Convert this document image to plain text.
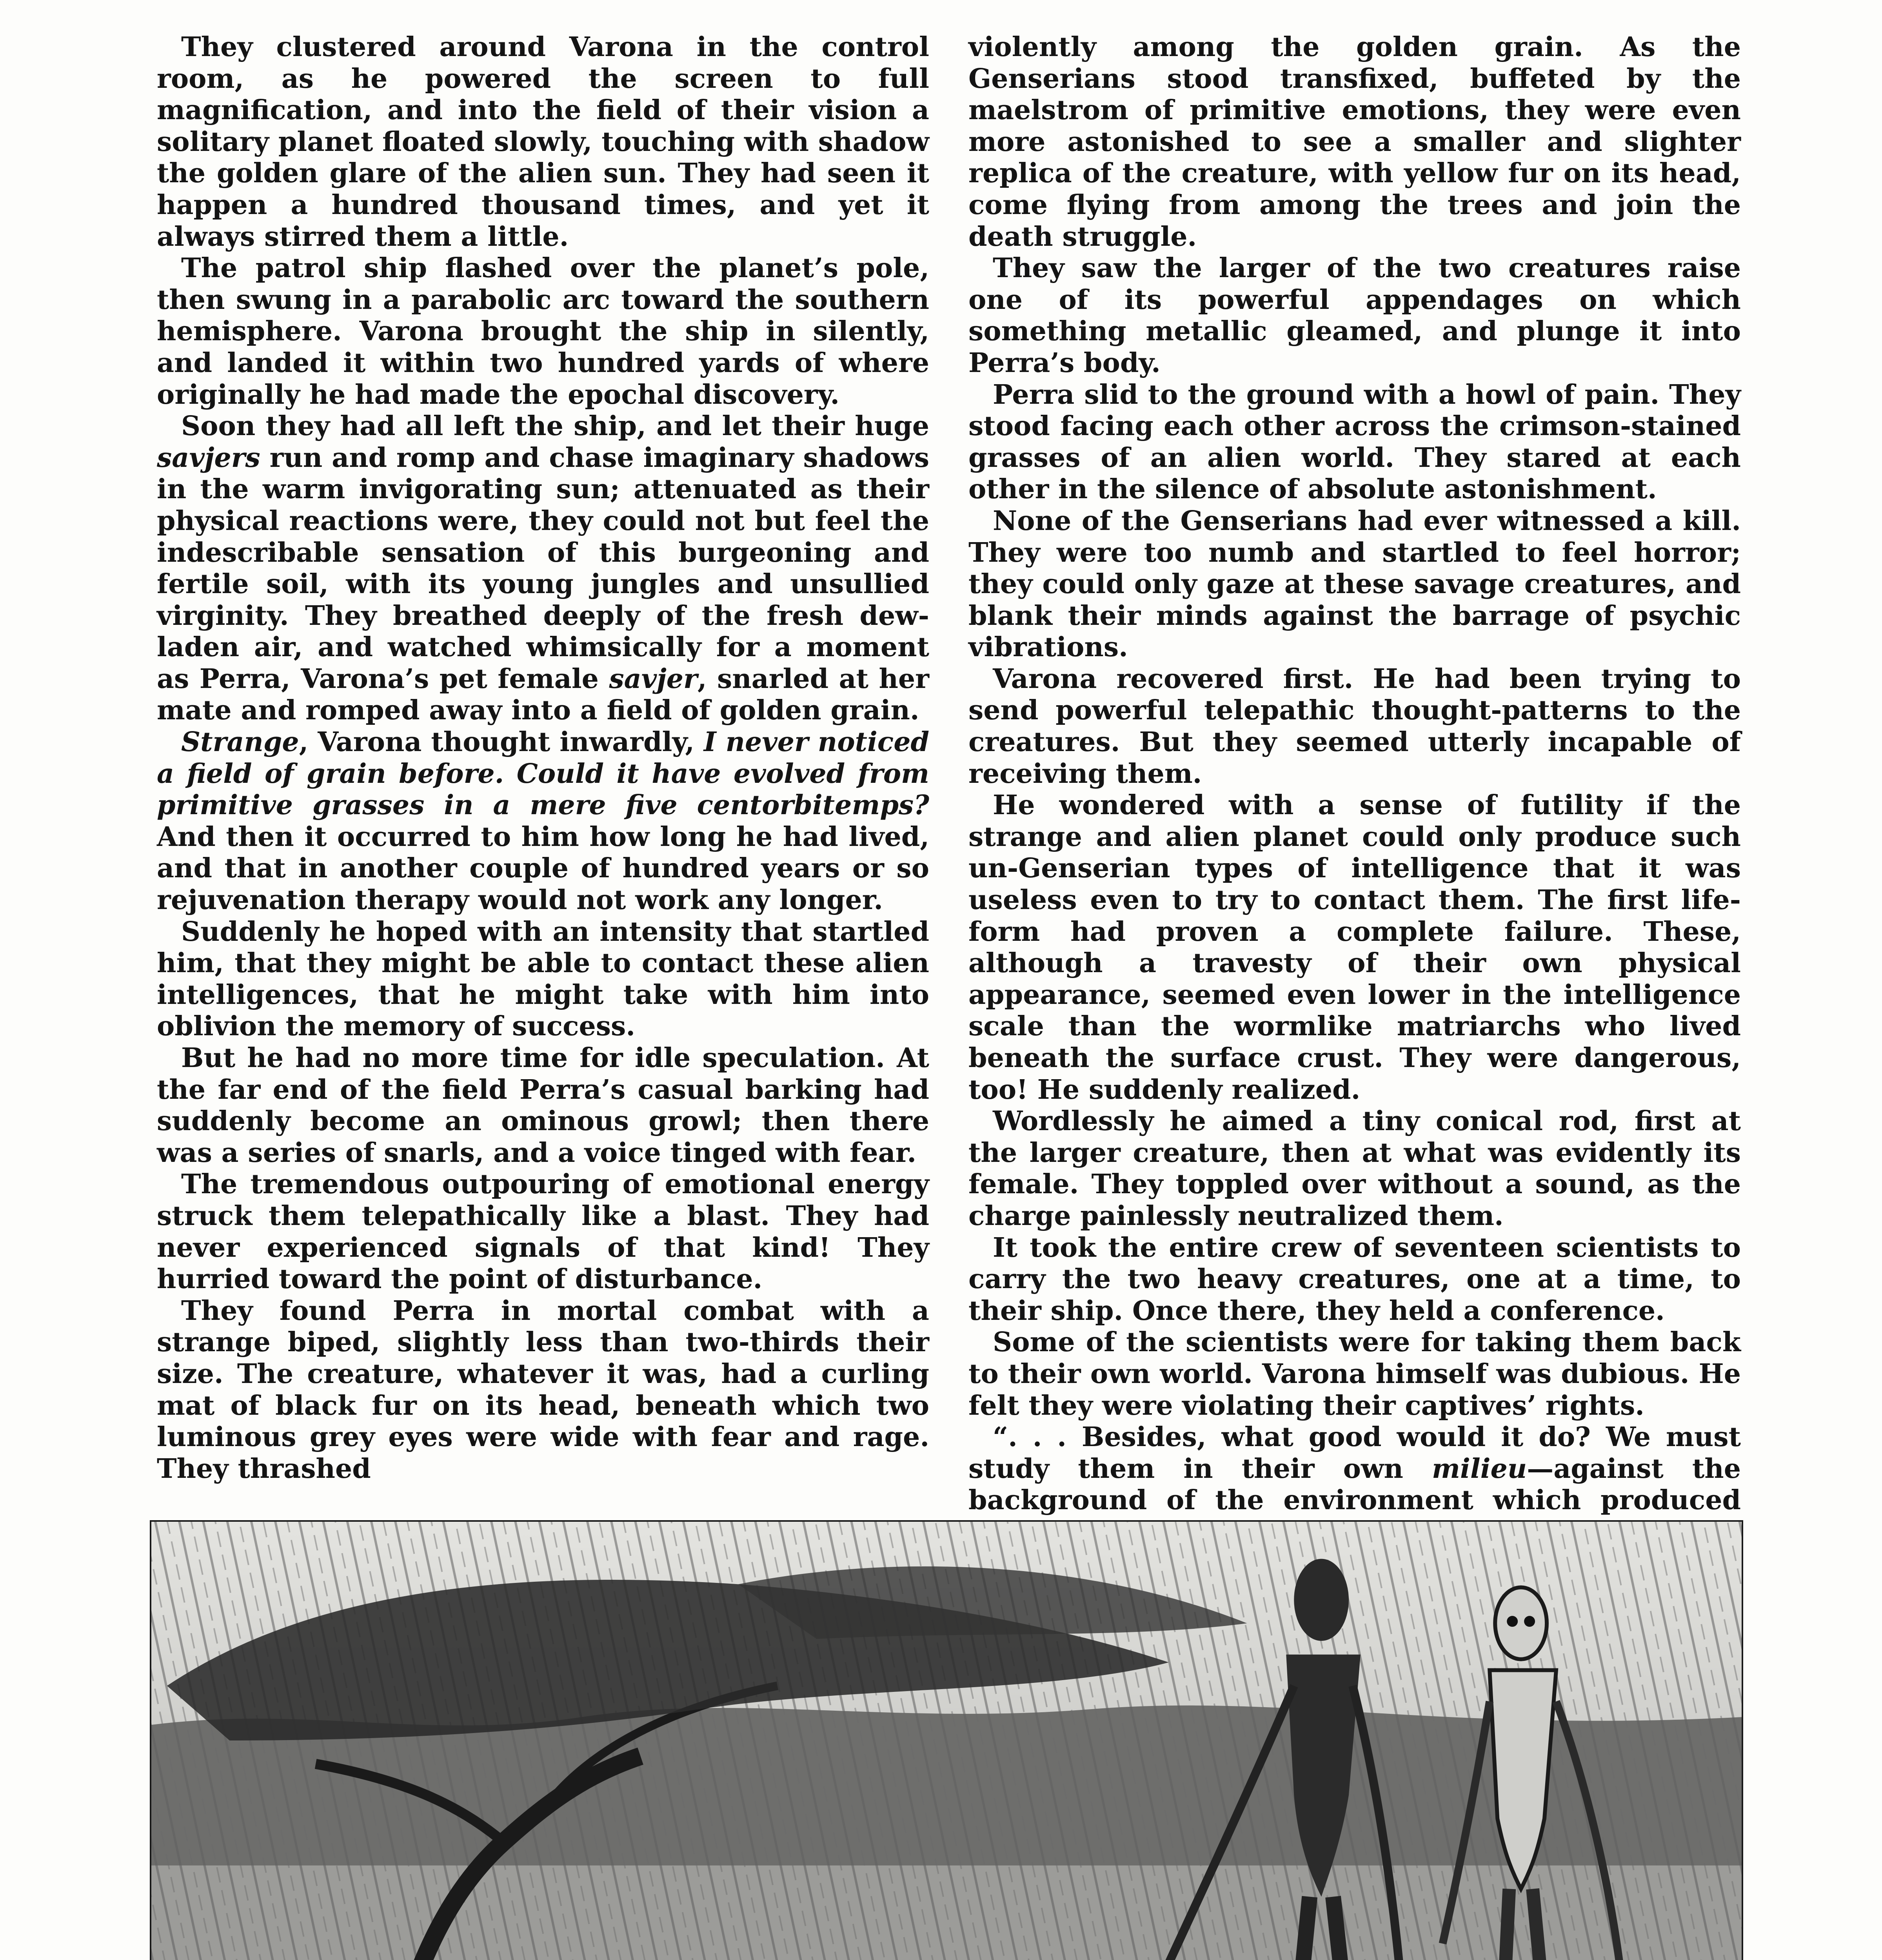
They clustered around Varona in the control room, as he powered the screen to full magnification, and into the field of their vision a solitary planet floated slowly, touching with shadow the golden glare of the alien sun. They had seen it happen a hundred thousand times, and yet it always stirred them a little.

The patrol ship flashed over the planet’s pole, then swung in a parabolic arc toward the southern hemisphere. Varona brought the ship in silently, and landed it within two hundred yards of where originally he had made the epochal discovery.

Soon they had all left the ship, and let their huge savjers run and romp and chase imaginary shadows in the warm invigorating sun; attenuated as their physical reactions were, they could not but feel the indescribable sensation of this burgeoning and fertile soil, with its young jungles and unsullied virginity. They breathed deeply of the fresh dew-laden air, and watched whimsically for a moment as Perra, Varona’s pet female savjer, snarled at her mate and romped away into a field of golden grain.

Strange, Varona thought inwardly, I never noticed a field of grain before. Could it have evolved from primitive grasses in a mere five centorbitemps? And then it occurred to him how long he had lived, and that in another couple of hundred years or so rejuvenation therapy would not work any longer.

Suddenly he hoped with an intensity that startled him, that they might be able to contact these alien intelligences, that he might take with him into oblivion the memory of success.

But he had no more time for idle speculation. At the far end of the field Perra’s casual barking had suddenly become an ominous growl; then there was a series of snarls, and a voice tinged with fear.

The tremendous outpouring of emotional energy struck them telepathically like a blast. They had never experienced signals of that kind! They hurried toward the point of disturbance.

They found Perra in mortal combat with a strange biped, slightly less than two-thirds their size. The creature, whatever it was, had a curling mat of black fur on its head, beneath which two luminous grey eyes were wide with fear and rage. They thrashed

violently among the golden grain. As the Genserians stood transfixed, buffeted by the maelstrom of primitive emotions, they were even more astonished to see a smaller and slighter replica of the creature, with yellow fur on its head, come flying from among the trees and join the death struggle.

They saw the larger of the two creatures raise one of its powerful appendages on which something metallic gleamed, and plunge it into Perra’s body.

Perra slid to the ground with a howl of pain. They stood facing each other across the crimson-stained grasses of an alien world. They stared at each other in the silence of absolute astonishment.

None of the Genserians had ever witnessed a kill. They were too numb and startled to feel horror; they could only gaze at these savage creatures, and blank their minds against the barrage of psychic vibrations.

Varona recovered first. He had been trying to send powerful telepathic thought-patterns to the creatures. But they seemed utterly incapable of receiving them.

He wondered with a sense of futility if the strange and alien planet could only produce such un-Genserian types of intelligence that it was useless even to try to contact them. The first life-form had proven a complete failure. These, although a travesty of their own physical appearance, seemed even lower in the intelligence scale than the wormlike matriarchs who lived beneath the surface crust. They were dangerous, too! He suddenly realized.

Wordlessly he aimed a tiny conical rod, first at the larger creature, then at what was evidently its female. They toppled over without a sound, as the charge painlessly neutralized them.

It took the entire crew of seventeen scientists to carry the two heavy creatures, one at a time, to their ship. Once there, they held a conference.

Some of the scientists were for taking them back to their own world. Varona himself was dubious. He felt they were violating their captives’ rights.

“. . . Besides, what good would it do? We must study them in their own milieu—against the background of the environment which produced
